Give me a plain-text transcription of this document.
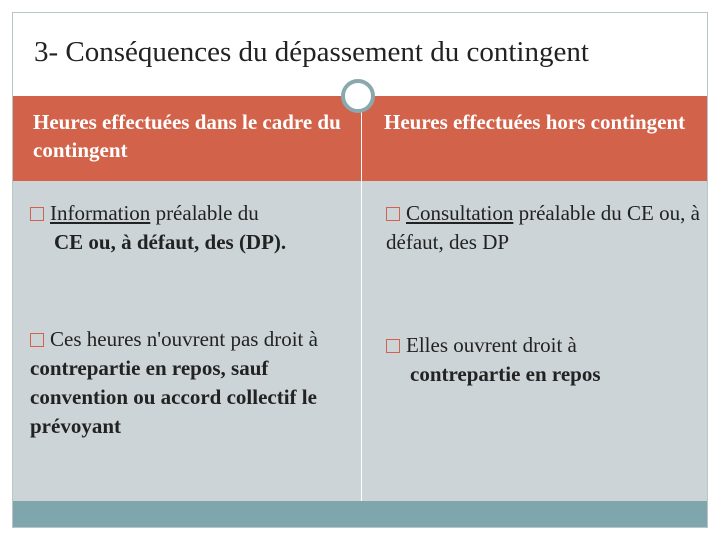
3- Conséquences du dépassement du contingent
Heures effectuées dans le cadre du contingent
Heures effectuées hors contingent
Information préalable du
CE ou, à défaut, des (DP).
Ces heures n'ouvrent pas droit à contrepartie en repos, sauf convention ou accord collectif le prévoyant
Consultation préalable du CE ou, à défaut, des DP
Elles ouvrent droit à
contrepartie en repos
